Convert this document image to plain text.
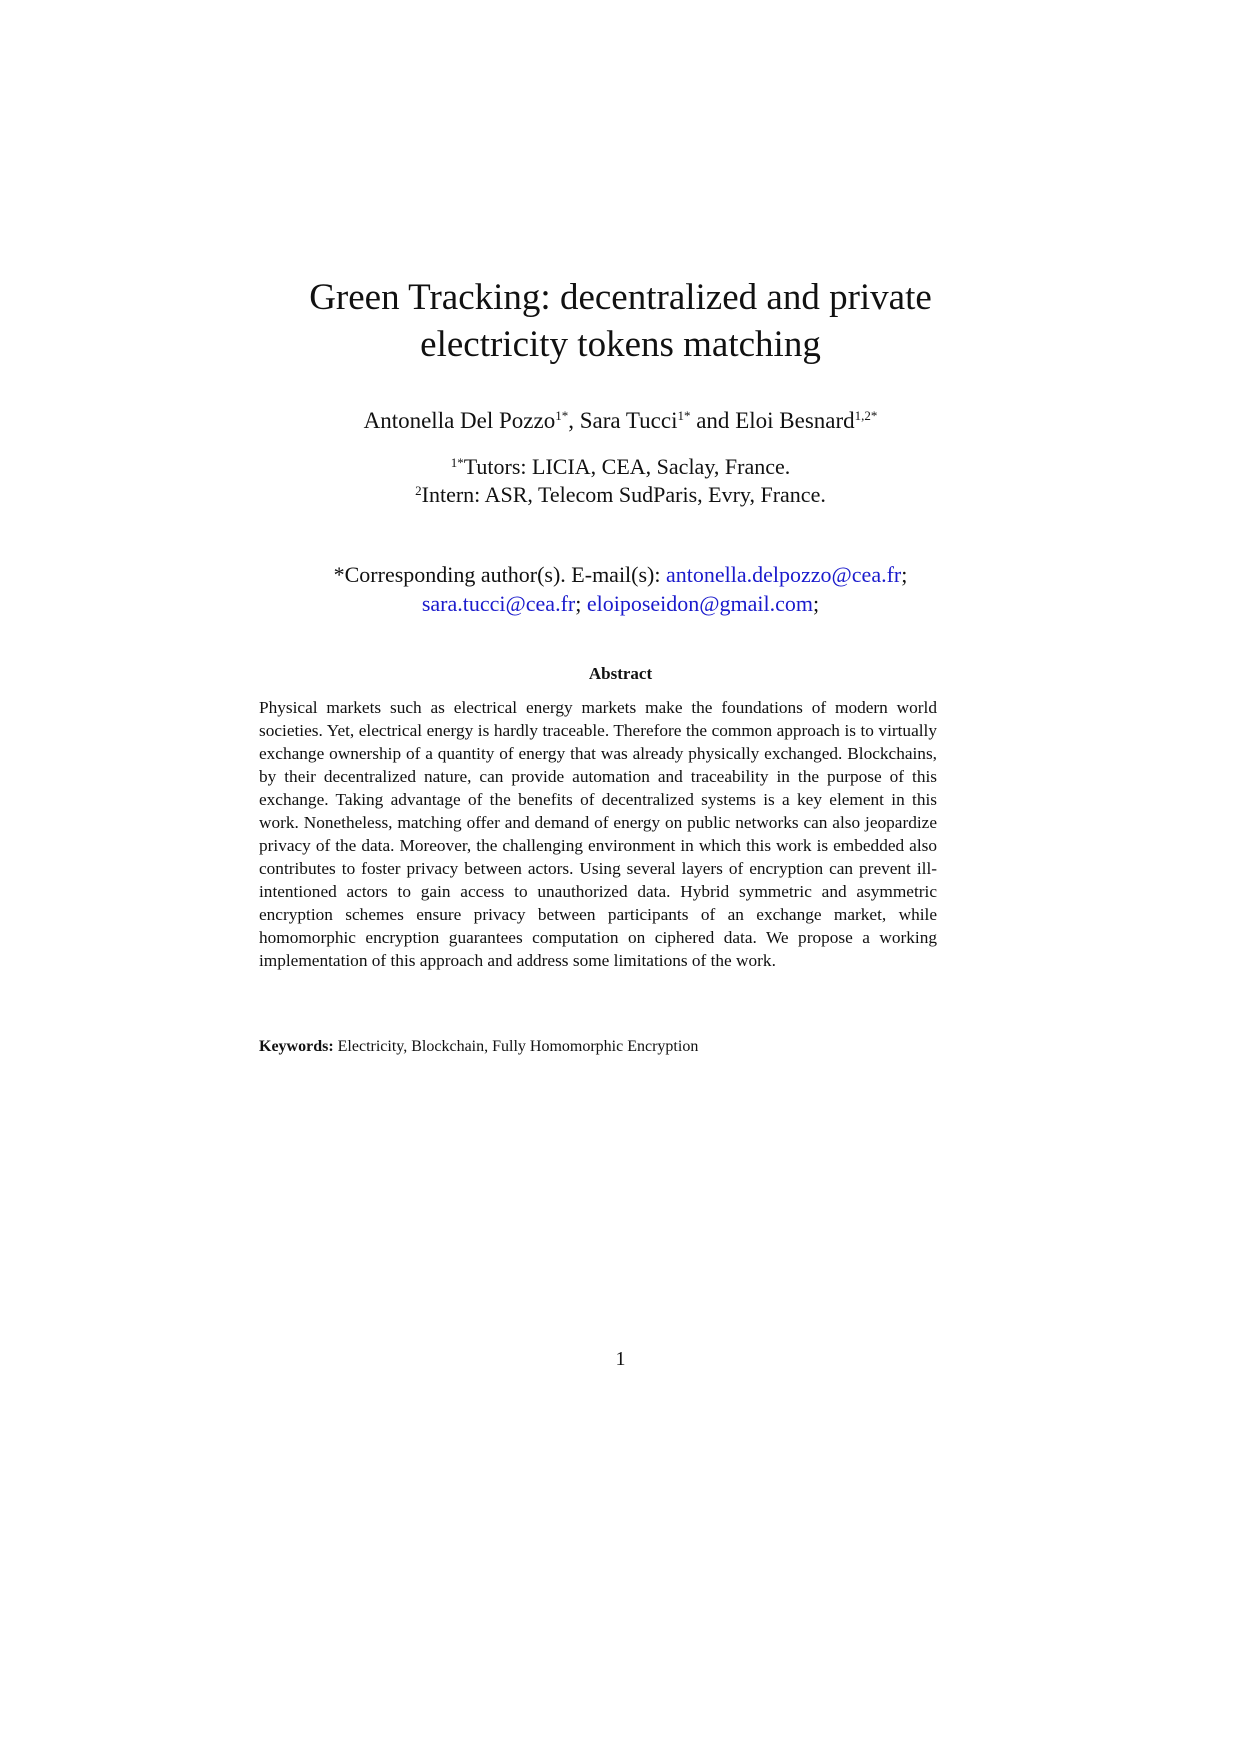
Green Tracking: decentralized and private
electricity tokens matching
Antonella Del Pozzo$^{1*}$, Sara Tucci$^{1*}$ and Eloi Besnard$^{1,2*}$
$^{1*}$Tutors: LICIA, CEA, Saclay, France.
$^2$Intern: ASR, Telecom SudParis, Evry, France.
*Corresponding author(s). E-mail(s): antonella.delpozzo@cea.fr;
sara.tucci@cea.fr; eloiposeidon@gmail.com;
Abstract

Physical markets such as electrical energy markets make the foundations of modern world societies. Yet, electrical energy is hardly traceable. Therefore the common approach is to virtually exchange ownership of a quantity of energy that was already physically exchanged. Blockchains, by their decentralized nature, can provide automation and traceability in the purpose of this exchange. Taking advantage of the benefits of decentralized systems is a key element in this work. Nonetheless, matching offer and demand of energy on public networks can also jeopardize privacy of the data. Moreover, the challenging environment in which this work is embedded also contributes to foster privacy between actors. Using several layers of encryption can prevent ill-intentioned actors to gain access to unauthorized data. Hybrid symmetric and asymmetric encryption schemes ensure privacy between participants of an exchange market, while homomorphic encryption guarantees computation on ciphered data. We propose a working implementation of this approach and address some limitations of the work.

Keywords: Electricity, Blockchain, Fully Homomorphic Encryption
1
